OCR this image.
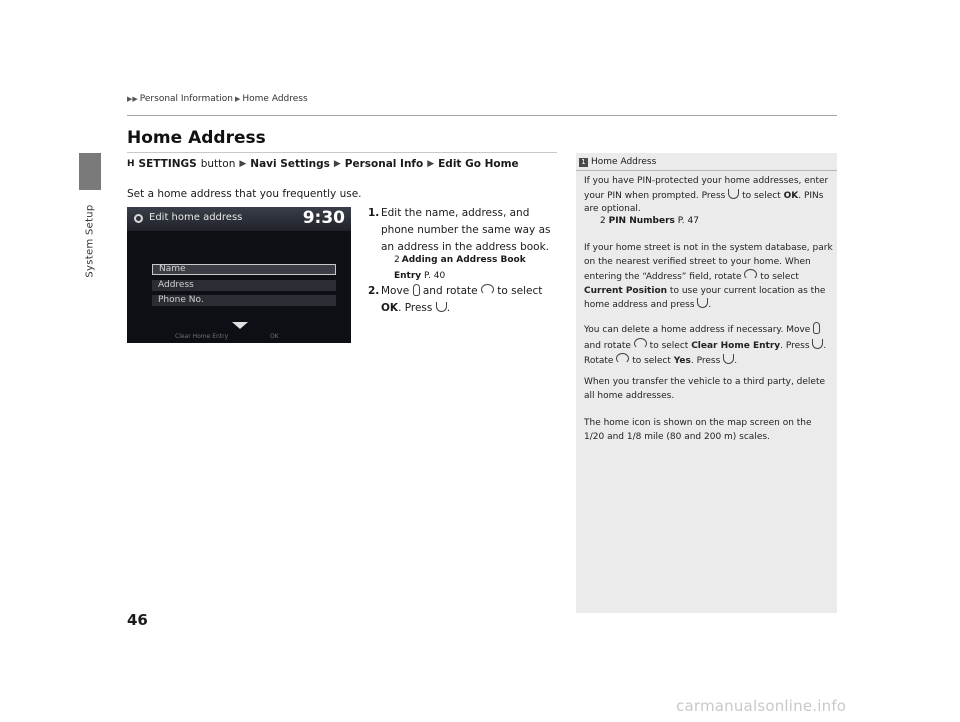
System Setup
▶▶ Personal Information ▶ Home Address
Home Address
H SETTINGS button ▶ Navi Settings ▶ Personal Info ▶ Edit Go Home
Set a home address that you frequently use.
Edit home address	9:30
Name
Address
Phone No.
Clear Home Entry	OK
1. Edit the name, address, and phone number the same way as an address in the address book.
2 Adding an Address Book
Entry P. 40
2. Move and rotate to select
OK. Press .
1 Home Address
If you have PIN-protected your home addresses, enter your PIN when prompted. Press to select OK. PINs are optional.
2 PIN Numbers P. 47
If your home street is not in the system database, park on the nearest verified street to your home. When entering the “Address” field, rotate to select Current Position to use your current location as the home address and press .
You can delete a home address if necessary. Move  and rotate to select Clear Home Entry. Press . Rotate to select Yes. Press .
When you transfer the vehicle to a third party, delete all home addresses.
The home icon is shown on the map screen on the 1/20 and 1/8 mile (80 and 200 m) scales.
46
carmanualsonline.info
